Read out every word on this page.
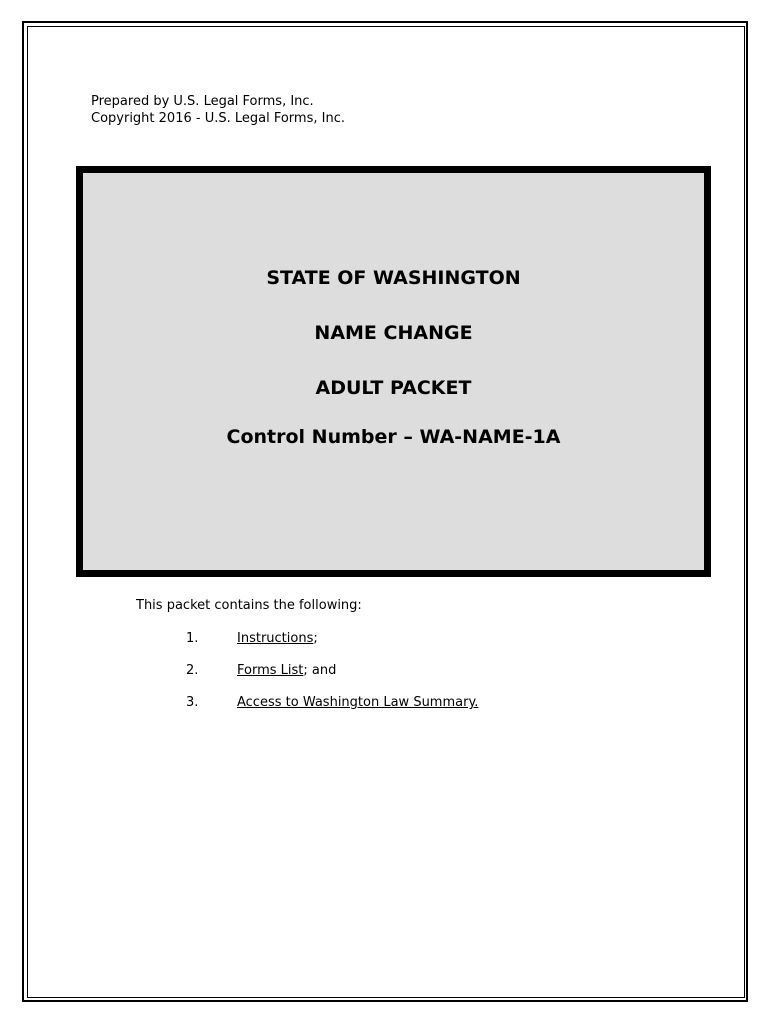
Prepared by U.S. Legal Forms, Inc.
Copyright 2016 - U.S. Legal Forms, Inc.
STATE OF WASHINGTON
NAME CHANGE
ADULT PACKET
Control Number – WA-NAME-1A
This packet contains the following:
1.	Instructions;
2.	Forms List; and
3.	Access to Washington Law Summary.
